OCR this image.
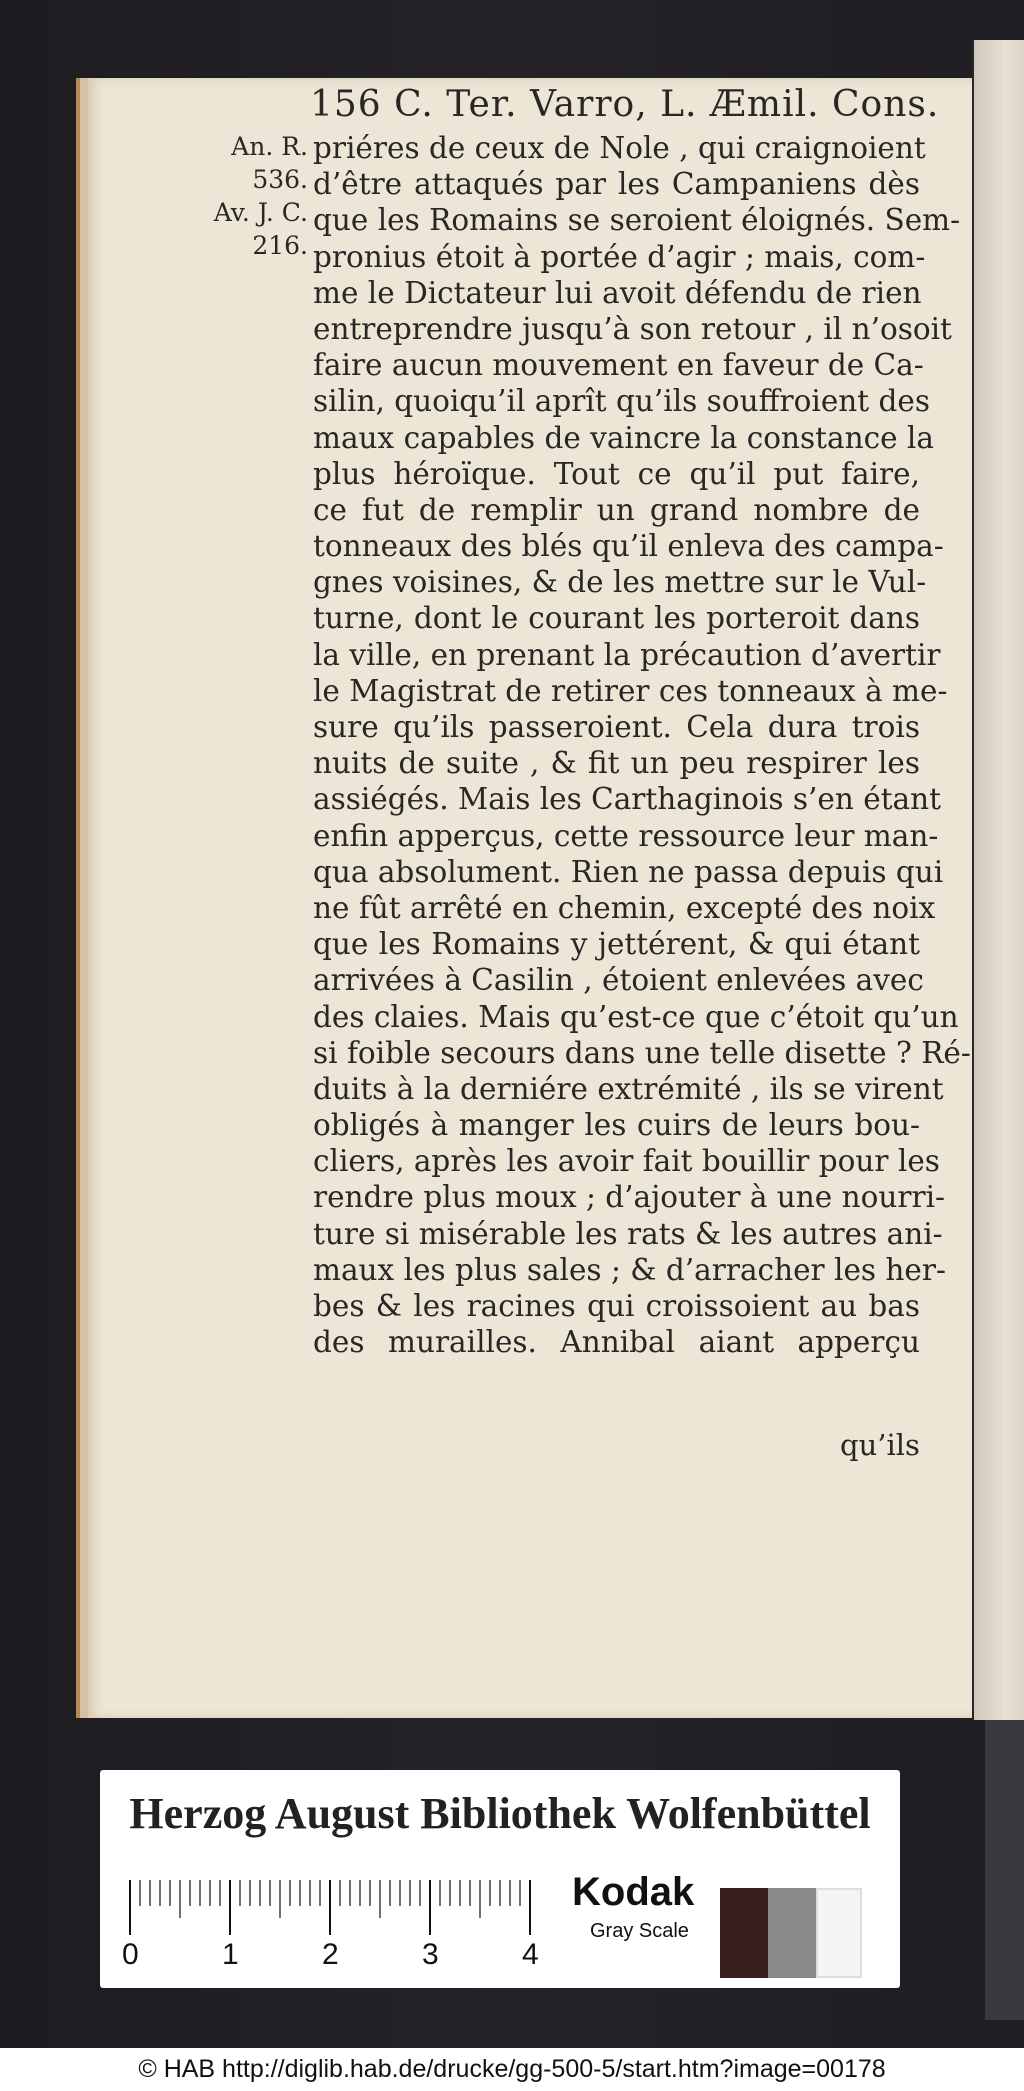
156 C. Ter. Varro, L. Æmil. Cons.
An. R.
536.
Av. J. C.
216.
priéres de ceux de Nole , qui craignoient
d’être attaqués par les Campaniens dès
que les Romains se seroient éloignés. Sem-
pronius étoit à portée d’agir ; mais, com-
me le Dictateur lui avoit défendu de rien
entreprendre jusqu’à son retour , il n’osoit
faire aucun mouvement en faveur de Ca-
silin, quoiqu’il aprît qu’ils souffroient des
maux capables de vaincre la constance la
plus héroïque. Tout ce qu’il put faire,
ce fut de remplir un grand nombre de
tonneaux des blés qu’il enleva des campa-
gnes voisines, & de les mettre sur le Vul-
turne, dont le courant les porteroit dans
la ville, en prenant la précaution d’avertir
le Magistrat de retirer ces tonneaux à me-
sure qu’ils passeroient. Cela dura trois
nuits de suite , & fit un peu respirer les
assiégés. Mais les Carthaginois s’en étant
enfin apperçus, cette ressource leur man-
qua absolument. Rien ne passa depuis qui
ne fût arrêté en chemin, excepté des noix
que les Romains y jettérent, & qui étant
arrivées à Casilin , étoient enlevées avec
des claies. Mais qu’est-ce que c’étoit qu’un
si foible secours dans une telle disette ? Ré-
duits à la derniére extrémité , ils se virent
obligés à manger les cuirs de leurs bou-
cliers, après les avoir fait bouillir pour les
rendre plus moux ; d’ajouter à une nourri-
ture si misérable les rats & les autres ani-
maux les plus sales ; & d’arracher les her-
bes & les racines qui croissoient au bas
des murailles. Annibal aiant apperçu
qu’ils
Herzog August Bibliothek Wolfenbüttel
0	1	2	3	4
Kodak
Gray Scale
© HAB http://diglib.hab.de/drucke/gg-500-5/start.htm?image=00178
